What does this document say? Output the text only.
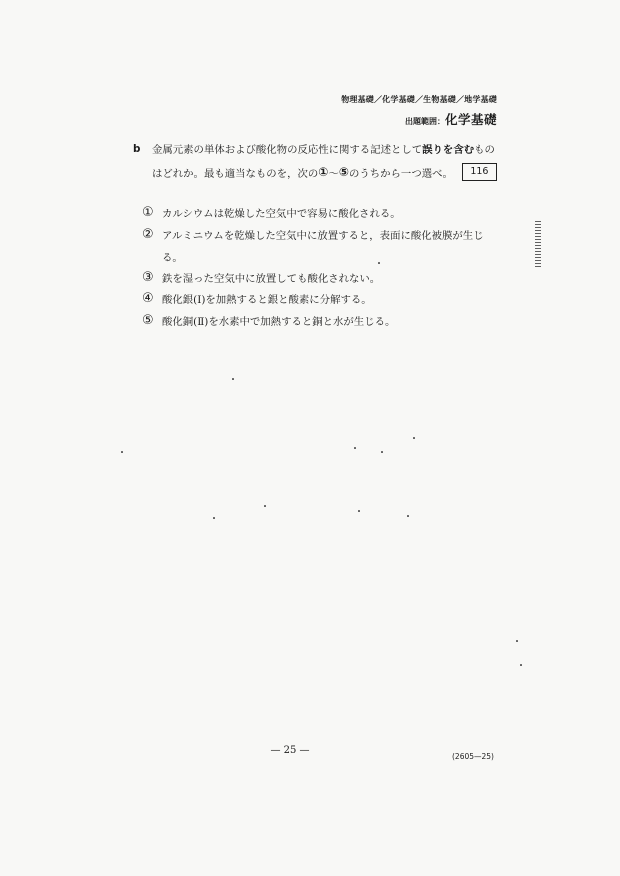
物理基礎／化学基礎／生物基礎／地学基礎
出題範囲： 化学基礎
b	金属元素の単体および酸化物の反応性に関する記述として 誤りを含む もの
はどれか。最も適当なものを，次の ① ～ ⑤ のうちから一つ選べ。	116
① カルシウムは乾燥した空気中で容易に酸化される。
② アルミニウムを乾燥した空気中に放置すると，表面に酸化被膜が生じ
る。
③ 鉄を湿った空気中に放置しても酸化されない。
④ 酸化銀(Ⅰ)を加熱すると銀と酸素に分解する。
⑤ 酸化銅(Ⅱ)を水素中で加熱すると銅と水が生じる。
— 25 —
(2605—25)
